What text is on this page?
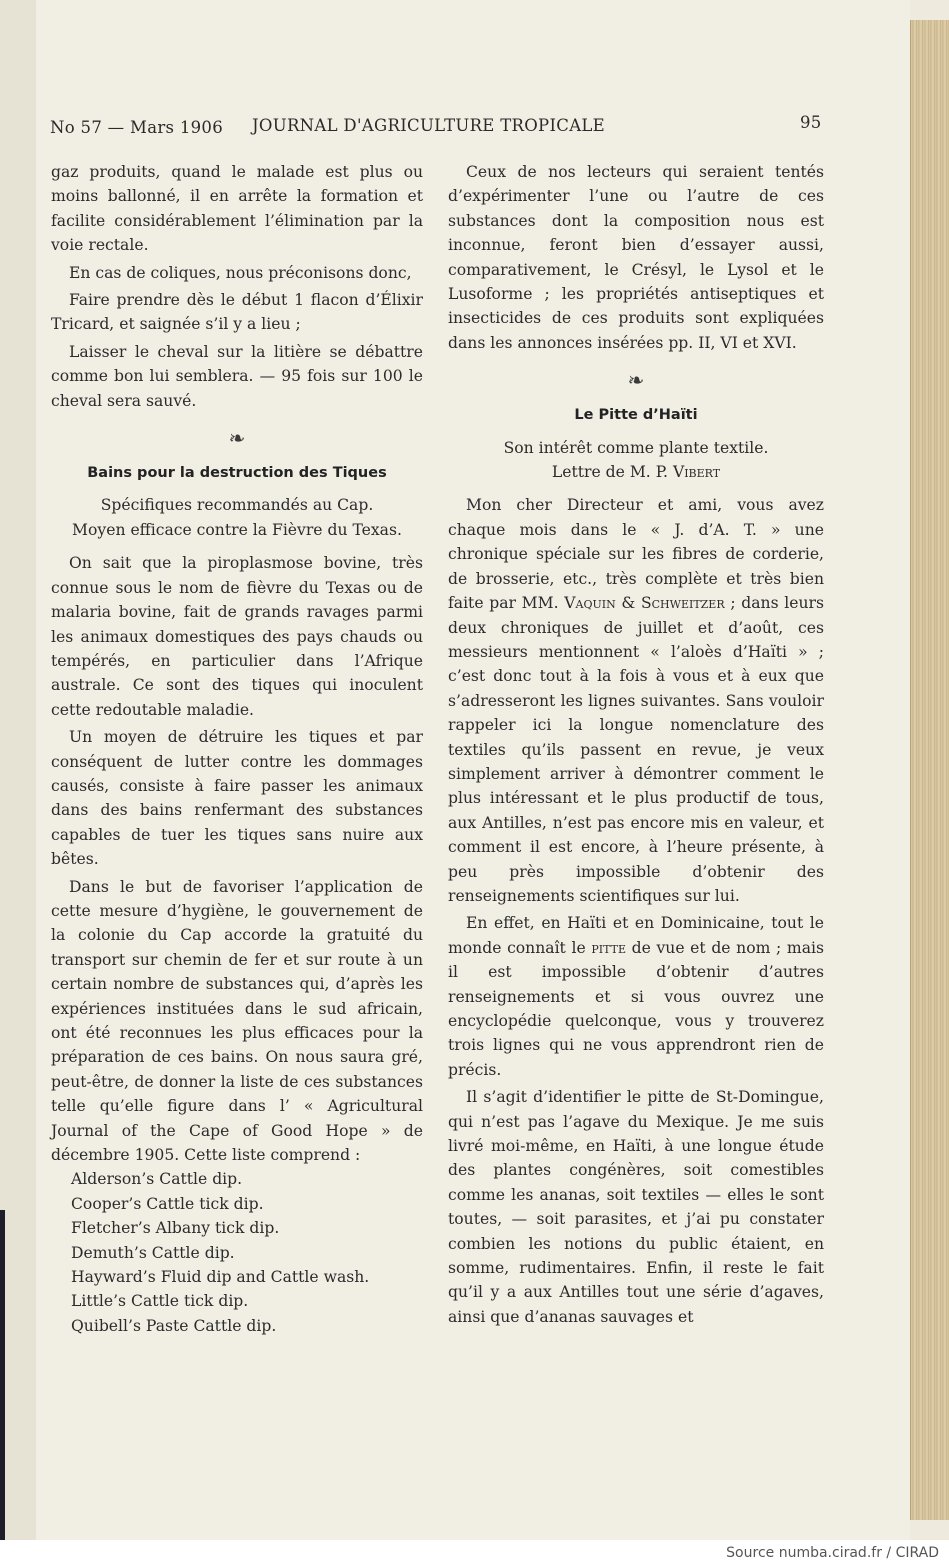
No 57 — Mars 1906 JOURNAL D'AGRICULTURE TROPICALE	95

gaz produits, quand le malade est plus ou moins ballonné, il en arrête la formation et facilite considérablement l’élimination par la voie rectale.

En cas de coliques, nous préconisons donc,

Faire prendre dès le début 1 flacon d’Élixir Tricard, et saignée s’il y a lieu ;

Laisser le cheval sur la litière se débattre comme bon lui semblera. — 95 fois sur 100 le cheval sera sauvé.

❧
Bains pour la destruction des Tiques

Spécifiques recommandés au Cap.

Moyen efficace contre la Fièvre du Texas.

On sait que la piroplasmose bovine, très connue sous le nom de fièvre du Texas ou de malaria bovine, fait de grands ravages parmi les animaux domestiques des pays chauds ou tempérés, en particulier dans l’Afrique australe. Ce sont des tiques qui inoculent cette redoutable maladie.

Un moyen de détruire les tiques et par conséquent de lutter contre les dommages causés, consiste à faire passer les animaux dans des bains renfermant des substances capables de tuer les tiques sans nuire aux bêtes.

Dans le but de favoriser l’application de cette mesure d’hygiène, le gouvernement de la colonie du Cap accorde la gratuité du transport sur chemin de fer et sur route à un certain nombre de substances qui, d’après les expériences instituées dans le sud africain, ont été reconnues les plus efficaces pour la préparation de ces bains. On nous saura gré, peut-être, de donner la liste de ces substances telle qu’elle figure dans l’ « Agricultural Journal of the Cape of Good Hope » de décembre 1905. Cette liste comprend :

Alderson’s Cattle dip.
Cooper’s Cattle tick dip.
Fletcher’s Albany tick dip.
Demuth’s Cattle dip.
Hayward’s Fluid dip and Cattle wash.
Little’s Cattle tick dip.
Quibell’s Paste Cattle dip.

Ceux de nos lecteurs qui seraient tentés d’expérimenter l’une ou l’autre de ces substances dont la composition nous est inconnue, feront bien d’essayer aussi, comparativement, le Crésyl, le Lysol et le Lusoforme ; les propriétés antiseptiques et insecticides de ces produits sont expliquées dans les annonces insérées pp. II, VI et XVI.

❧
Le Pitte d’Haïti

Son intérêt comme plante textile.

Lettre de M. P. Vibert

Mon cher Directeur et ami, vous avez chaque mois dans le « J. d’A. T. » une chronique spéciale sur les fibres de corderie, de brosserie, etc., très complète et très bien faite par MM. Vaquin & Schweitzer ; dans leurs deux chroniques de juillet et d’août, ces messieurs mentionnent « l’aloès d’Haïti » ; c’est donc tout à la fois à vous et à eux que s’adresseront les lignes suivantes. Sans vouloir rappeler ici la longue nomenclature des textiles qu’ils passent en revue, je veux simplement arriver à démontrer comment le plus intéressant et le plus productif de tous, aux Antilles, n’est pas encore mis en valeur, et comment il est encore, à l’heure présente, à peu près impossible d’obtenir des renseignements scientifiques sur lui.

En effet, en Haïti et en Dominicaine, tout le monde connaît le pitte de vue et de nom ; mais il est impossible d’obtenir d’autres renseignements et si vous ouvrez une encyclopédie quelconque, vous y trouverez trois lignes qui ne vous apprendront rien de précis.

Il s’agit d’identifier le pitte de St-Domingue, qui n’est pas l’agave du Mexique. Je me suis livré moi-même, en Haïti, à une longue étude des plantes congénères, soit comestibles comme les ananas, soit textiles — elles le sont toutes, — soit parasites, et j’ai pu constater combien les notions du public étaient, en somme, rudimentaires. Enfin, il reste le fait qu’il y a aux Antilles tout une série d’agaves, ainsi que d’ananas sauvages et

Source numba.cirad.fr / CIRAD
